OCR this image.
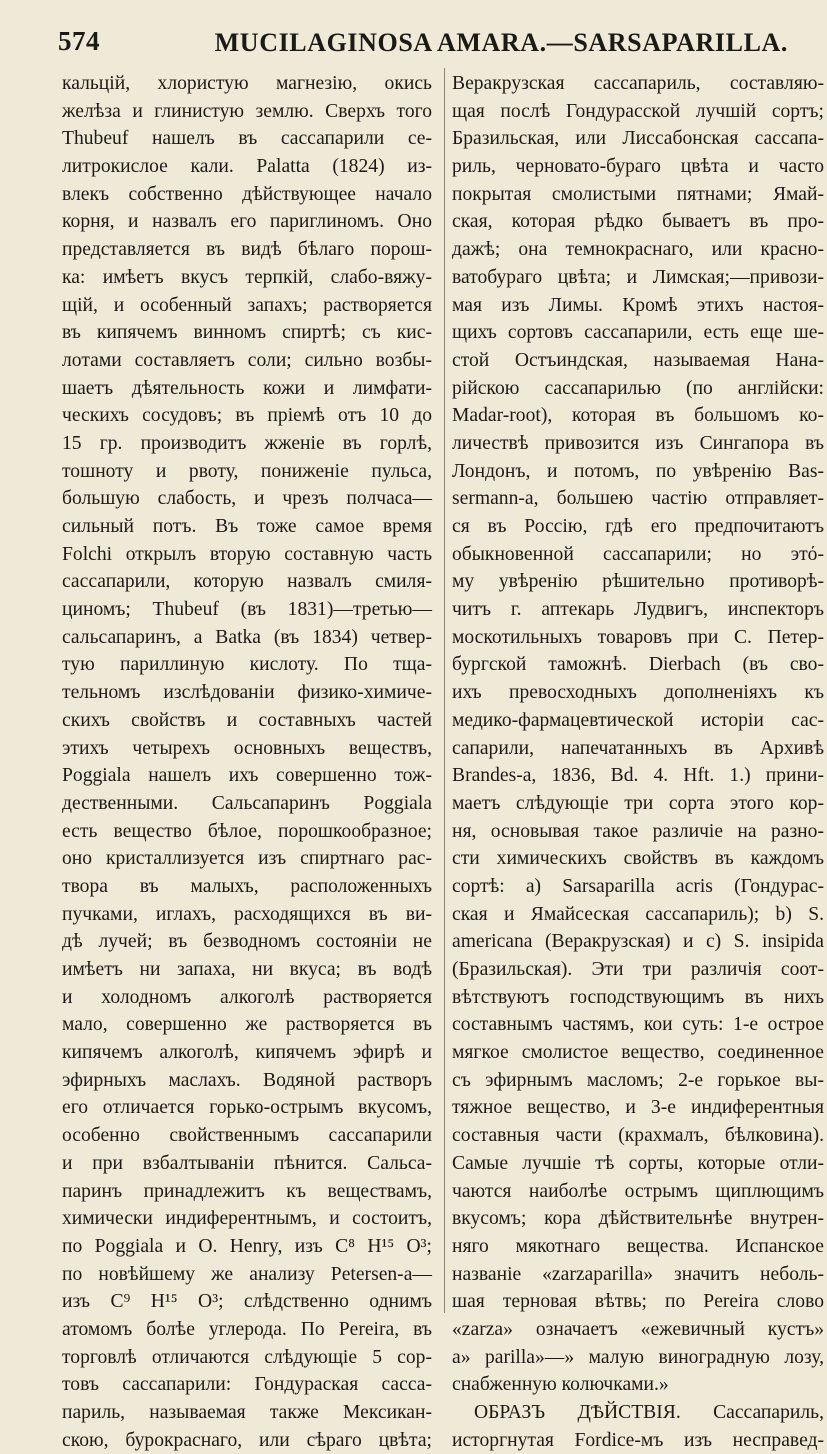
574	MUCILAGINOSA AMARA.—SARSAPARILLA.
кальцій, хлористую магнезію, окись
желѣза и глинистую землю. Сверхъ того
Thubeuf нашелъ въ сассапарили се-
литрокислое кали. Palatta (1824) из-
влекъ собственно дѣйствующее начало
корня, и назвалъ его париглиномъ. Оно
представляется въ видѣ бѣлаго порош-
ка: имѣетъ вкусъ терпкій, слабо-вяжу-
щій, и особенный запахъ; растворяется
въ кипячемъ винномъ спиртѣ; съ кис-
лотами составляетъ соли; сильно возбы-
шаетъ дѣятельность кожи и лимфати-
ческихъ сосудовъ; въ пріемѣ отъ 10 до
15 гр. производитъ жженіе въ горлѣ,
тошноту и рвоту, пониженіе пульса,
большую слабость, и чрезъ полчаса—
сильный потъ. Въ тоже самое время
Folchi открылъ вторую составную часть
сассапарили, которую назвалъ смиля-
циномъ; Thubeuf (въ 1831)—третью—
сальсапаринъ, а Batka (въ 1834) четвер-
тую париллиную кислоту. По тща-
тельномъ изслѣдованіи физико-химиче-
скихъ свойствъ и составныхъ частей
этихъ четырехъ основныхъ веществъ,
Poggiala нашелъ ихъ совершенно тож-
дественными. Сальсапаринъ Poggiala
есть вещество бѣлое, порошкообразное;
оно кристаллизуется изъ спиртнаго рас-
твора въ малыхъ, расположенныхъ
пучками, иглахъ, расходящихся въ ви-
дѣ лучей; въ безводномъ состояніи не
имѣетъ ни запаха, ни вкуса; въ водѣ
и холодномъ алкоголѣ растворяется
мало, совершенно же растворяется въ
кипячемъ алкоголѣ, кипячемъ эфирѣ и
эфирныхъ маслахъ. Водяной растворъ
его отличается горько-острымъ вкусомъ,
особенно свойственнымъ сассапарили
и при взбалтываніи пѣнится. Сальса-
паринъ принадлежитъ къ веществамъ,
химически индиферентнымъ, и состоитъ,
по Poggiala и O. Henry, изъ C⁸ H¹⁵ O³;
по новѣйшему же анализу Petersen-a—
изъ C⁹ H¹⁵ O³; слѣдственно однимъ
атомомъ болѣе углерода. По Pereira, въ
торговлѣ отличаются слѣдующіе 5 сор-
товъ сассапарили: Гондураская сасса-
париль, называемая также Мексикан-
скою, бурокраснаго, или сѣраго цвѣта;
Веракрузская сассапариль, составляю-
щая послѣ Гондурасской лучшій сортъ;
Бразильская, или Лиссабонская сассапа-
риль, черновато-бураго цвѣта и часто
покрытая смолистыми пятнами; Ямай-
ская, которая рѣдко бываетъ въ про-
дажѣ; она темнокраснаго, или красно-
ватобураго цвѣта; и Лимская;—привози-
мая изъ Лимы. Кромѣ этихъ настоя-
щихъ сортовъ сассапарили, есть еще ше-
стой Остъиндская, называемая Нана-
рійскою сассапарилью (по англійски:
Madar-root), которая въ большомъ ко-
личествѣ привозится изъ Сингапора въ
Лондонъ, и потомъ, по увѣренію Bas-
sermann-a, большею частію отправляет-
ся въ Россію, гдѣ его предпочитаютъ
обыкновенной сассапарили; но этό-
му увѣренію рѣшительно противорѣ-
читъ г. аптекарь Лудвигъ, инспекторъ
москотильныхъ товаровъ при С. Петер-
бургской таможнѣ. Dierbach (въ сво-
ихъ превосходныхъ дополненіяхъ къ
медико-фармацевтической исторіи сас-
сапарили, напечатанныхъ въ Архивѣ
Brandes-a, 1836, Bd. 4. Hft. 1.) прини-
маетъ слѣдующіе три сорта этого кор-
ня, основывая такое различіе на разно-
сти химическихъ свойствъ въ каждомъ
сортѣ: a) Sarsaparilla acris (Гондурас-
ская и Ямайсеская сассапариль); b) S.
americana (Веракрузская) и c) S. insipida
(Бразильская). Эти три различія соот-
вѣтствуютъ господствующимъ въ нихъ
составнымъ частямъ, кои суть: 1-е острое
мягкое смолистое вещество, соединенное
съ эфирнымъ масломъ; 2-е горькое вы-
тяжное вещество, и 3-е индиферентныя
составныя части (крахмалъ, бѣлковина).
Самые лучшіе тѣ сорты, которые отли-
чаются наиболѣе острымъ щиплющимъ
вкусомъ; кора дѣйствительнѣе внутрен-
няго мякотнаго вещества. Испанское
названіе «zarzaparilla» значитъ неболь-
шая терновая вѣтвь; по Pereira слово
«zarza» означаетъ «ежевичный кустъ»
а» parilla»—» малую виноградную лозу,
снабженную колючками.»
ОБРАЗЪ ДѢЙСТВІЯ. Сассапариль,
исторгнутая Fordice-мъ изъ несправед-
